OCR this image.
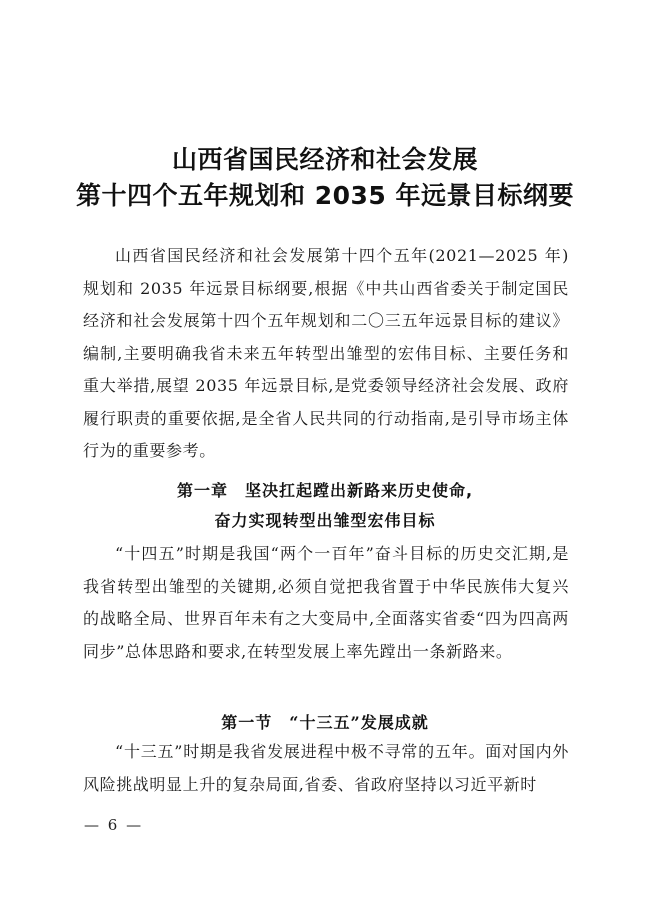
山西省国民经济和社会发展
第十四个五年规划和 2035 年远景目标纲要

山西省国民经济和社会发展第十四个五年(2021—2025 年)规划和 2035 年远景目标纲要,根据《中共山西省委关于制定国民经济和社会发展第十四个五年规划和二〇三五年远景目标的建议》编制,主要明确我省未来五年转型出雏型的宏伟目标、主要任务和重大举措,展望 2035 年远景目标,是党委领导经济社会发展、政府履行职责的重要依据,是全省人民共同的行动指南,是引导市场主体行为的重要参考。

第一章　坚决扛起蹚出新路来历史使命,
奋力实现转型出雏型宏伟目标

“十四五”时期是我国“两个一百年”奋斗目标的历史交汇期,是我省转型出雏型的关键期,必须自觉把我省置于中华民族伟大复兴的战略全局、世界百年未有之大变局中,全面落实省委“四为四高两同步”总体思路和要求,在转型发展上率先蹚出一条新路来。

第一节　“十三五”发展成就

“十三五”时期是我省发展进程中极不寻常的五年。面对国内外风险挑战明显上升的复杂局面,省委、省政府坚持以习近平新时

— 6 —
